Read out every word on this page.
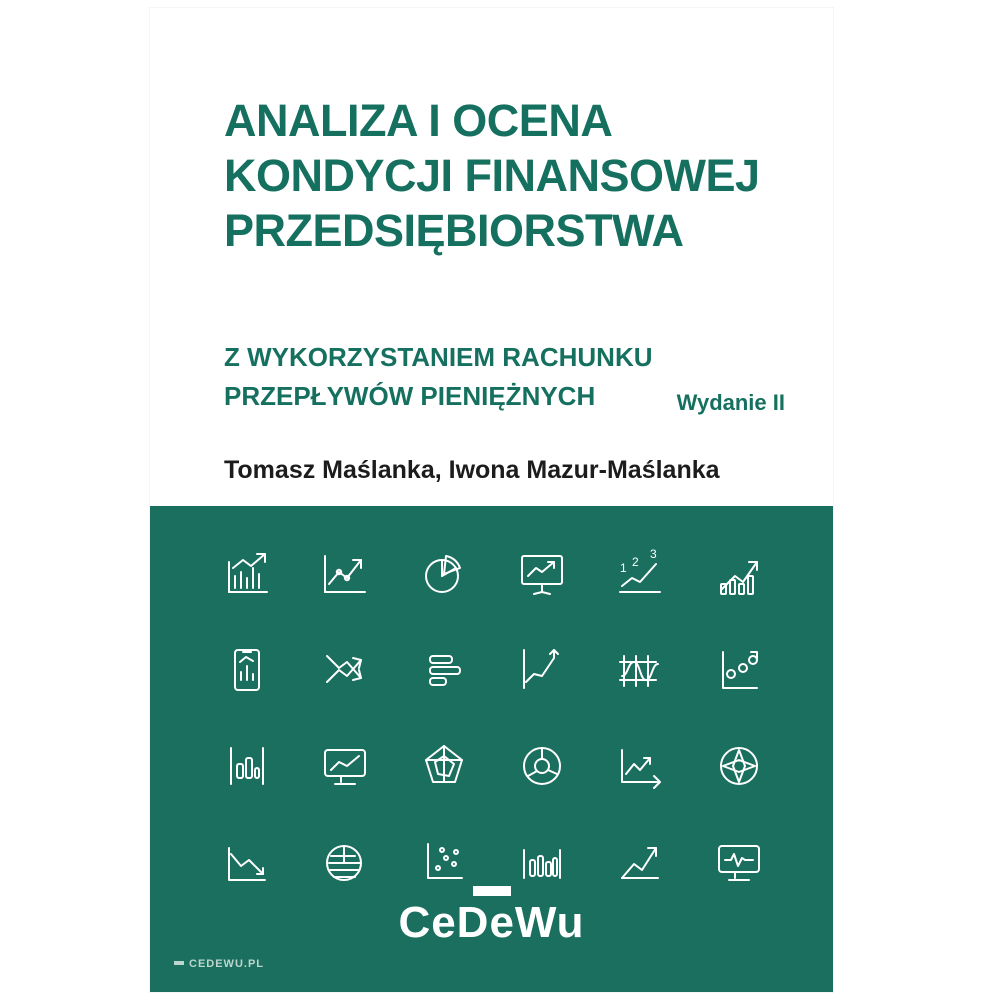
ANALIZA I OCENA
KONDYCJI FINANSOWEJ
PRZEDSIĘBIORSTWA
Z WYKORZYSTANIEM RACHUNKU
PRZEPŁYWÓW PIENIĘŻNYCH	Wydanie II
Tomasz Maślanka, Iwona Mazur-Maślanka
1 2
3
CeDeWu
CEDEWU.PL
